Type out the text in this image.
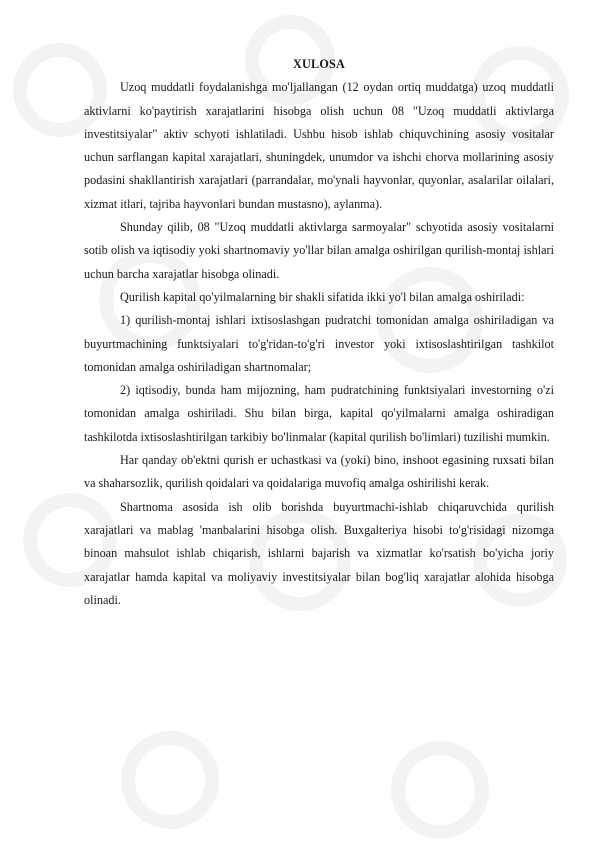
XULOSA

Uzoq muddatli foydalanishga mo'ljallangan (12 oydan ortiq muddatga) uzoq muddatli aktivlarni ko'paytirish xarajatlarini hisobga olish uchun 08 "Uzoq muddatli aktivlarga investitsiyalar" aktiv schyoti ishlatiladi. Ushbu hisob ishlab chiquvchining asosiy vositalar uchun sarflangan kapital xarajatlari, shuningdek, unumdor va ishchi chorva mollarining asosiy podasini shakllantirish xarajatlari (parrandalar, mo'ynali hayvonlar, quyonlar, asalarilar oilalari, xizmat itlari, tajriba hayvonlari bundan mustasno), aylanma).

Shunday qilib, 08 "Uzoq muddatli aktivlarga sarmoyalar" schyotida asosiy vositalarni sotib olish va iqtisodiy yoki shartnomaviy yo'llar bilan amalga oshirilgan qurilish-montaj ishlari uchun barcha xarajatlar hisobga olinadi.

Qurilish kapital qo'yilmalarning bir shakli sifatida ikki yo'l bilan amalga oshiriladi:

1) qurilish-montaj ishlari ixtisoslashgan pudratchi tomonidan amalga oshiriladigan va buyurtmachining funktsiyalari to'g'ridan-to'g'ri investor yoki ixtisoslashtirilgan tashkilot tomonidan amalga oshiriladigan shartnomalar;

2) iqtisodiy, bunda ham mijozning, ham pudratchining funktsiyalari investorning o'zi tomonidan amalga oshiriladi. Shu bilan birga, kapital qo'yilmalarni amalga oshiradigan tashkilotda ixtisoslashtirilgan tarkibiy bo'linmalar (kapital qurilish bo'limlari) tuzilishi mumkin.

Har qanday ob'ektni qurish er uchastkasi va (yoki) bino, inshoot egasining ruxsati bilan va shaharsozlik, qurilish qoidalari va qoidalariga muvofiq amalga oshirilishi kerak.

Shartnoma asosida ish olib borishda buyurtmachi-ishlab chiqaruvchida qurilish xarajatlari va mablag 'manbalarini hisobga olish. Buxgalteriya hisobi to'g'risidagi nizomga binoan mahsulot ishlab chiqarish, ishlarni bajarish va xizmatlar ko'rsatish bo'yicha joriy xarajatlar hamda kapital va moliyaviy investitsiyalar bilan bog'liq xarajatlar alohida hisobga olinadi.
